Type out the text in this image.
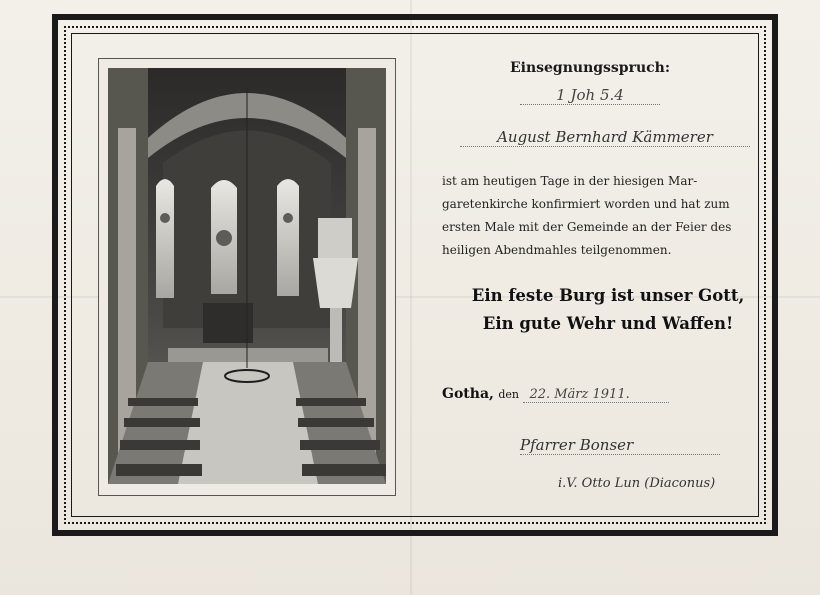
Einsegnungsspruch:
1 Joh 5.4
August Bernhard Kämmerer
ist am heutigen Tage in der hiesigen Mar-
garetenkirche konfirmiert worden und hat zum
ersten Male mit der Gemeinde an der Feier des
heiligen Abendmahles teilgenommen.
Ein feste Burg ist unser Gott,
Ein gute Wehr und Waffen!
Gotha, den 22. März 1911.
Pfarrer Bonser
i.V. Otto Lun (Diaconus)
